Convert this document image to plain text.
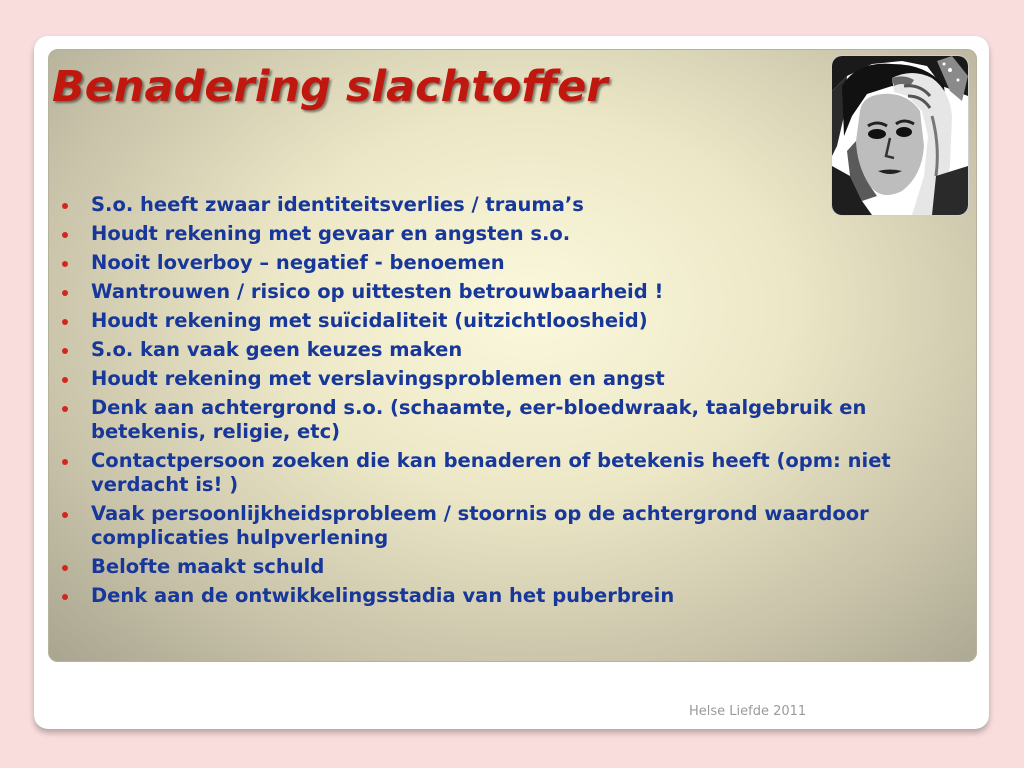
Benadering slachtoffer
S.o. heeft zwaar identiteitsverlies / trauma’s
Houdt rekening met gevaar en angsten s.o.
Nooit loverboy – negatief - benoemen
Wantrouwen / risico op uittesten betrouwbaarheid !
Houdt rekening met suïcidaliteit (uitzichtloosheid)
S.o. kan vaak geen keuzes maken
Houdt rekening met verslavingsproblemen en angst
Denk aan achtergrond s.o. (schaamte, eer-bloedwraak, taalgebruik en betekenis, religie, etc)
Contactpersoon zoeken die kan benaderen of betekenis heeft (opm: niet verdacht is! )
Vaak persoonlijkheidsprobleem / stoornis op de achtergrond waardoor complicaties hulpverlening
Belofte maakt schuld
Denk aan de ontwikkelingsstadia van het puberbrein
Helse Liefde 2011
